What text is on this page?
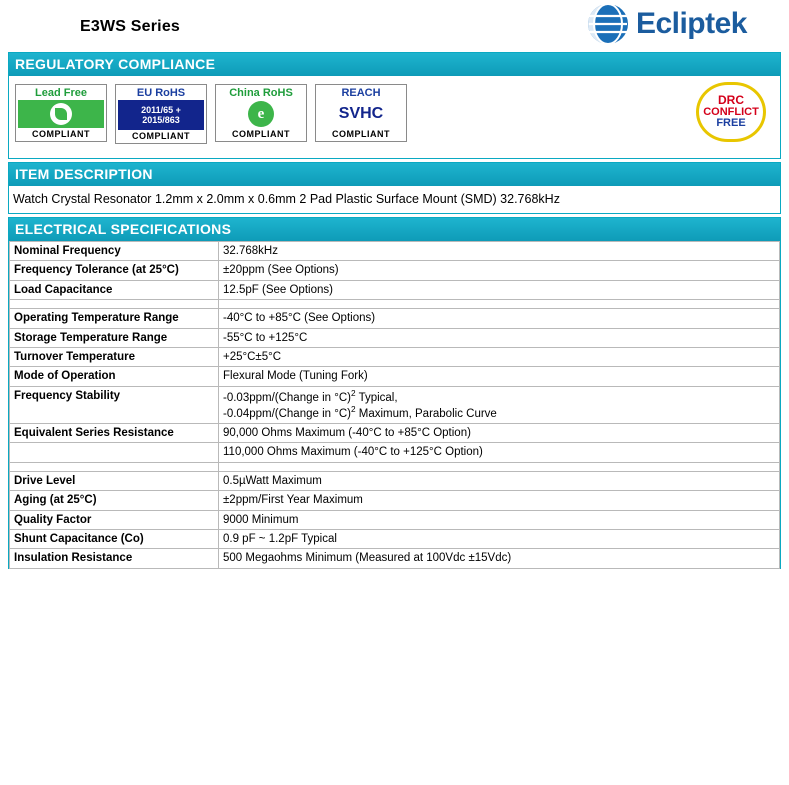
E3WS Series	Ecliptek
REGULATORY COMPLIANCE
Lead Free
COMPLIANT
EU RoHS
2011/65 +
2015/863
COMPLIANT
China RoHS
e
COMPLIANT
REACH
SVHC
COMPLIANT
DRC
CONFLICT
FREE
ITEM DESCRIPTION
Watch Crystal Resonator 1.2mm x 2.0mm x 0.6mm 2 Pad Plastic Surface Mount (SMD) 32.768kHz
ELECTRICAL SPECIFICATIONS
Nominal Frequency	32.768kHz
Frequency Tolerance (at 25°C)	±20ppm (See Options)
Load Capacitance	12.5pF (See Options)

Operating Temperature Range	-40°C to +85°C (See Options)
Storage Temperature Range	-55°C to +125°C
Turnover Temperature	+25°C±5°C
Mode of Operation	Flexural Mode (Tuning Fork)
Frequency Stability	-0.03ppm/(Change in °C)$^2$ Typical,
-0.04ppm/(Change in °C)$^2$ Maximum, Parabolic Curve

Equivalent Series Resistance	90,000 Ohms Maximum (-40°C to +85°C Option)
	110,000 Ohms Maximum (-40°C to +125°C Option)

Drive Level	0.5µWatt Maximum
Aging (at 25°C)	±2ppm/First Year Maximum
Quality Factor	9000 Minimum
Shunt Capacitance (Co)	0.9 pF ~ 1.2pF Typical
Insulation Resistance	500 Megaohms Minimum (Measured at 100Vdc ±15Vdc)
